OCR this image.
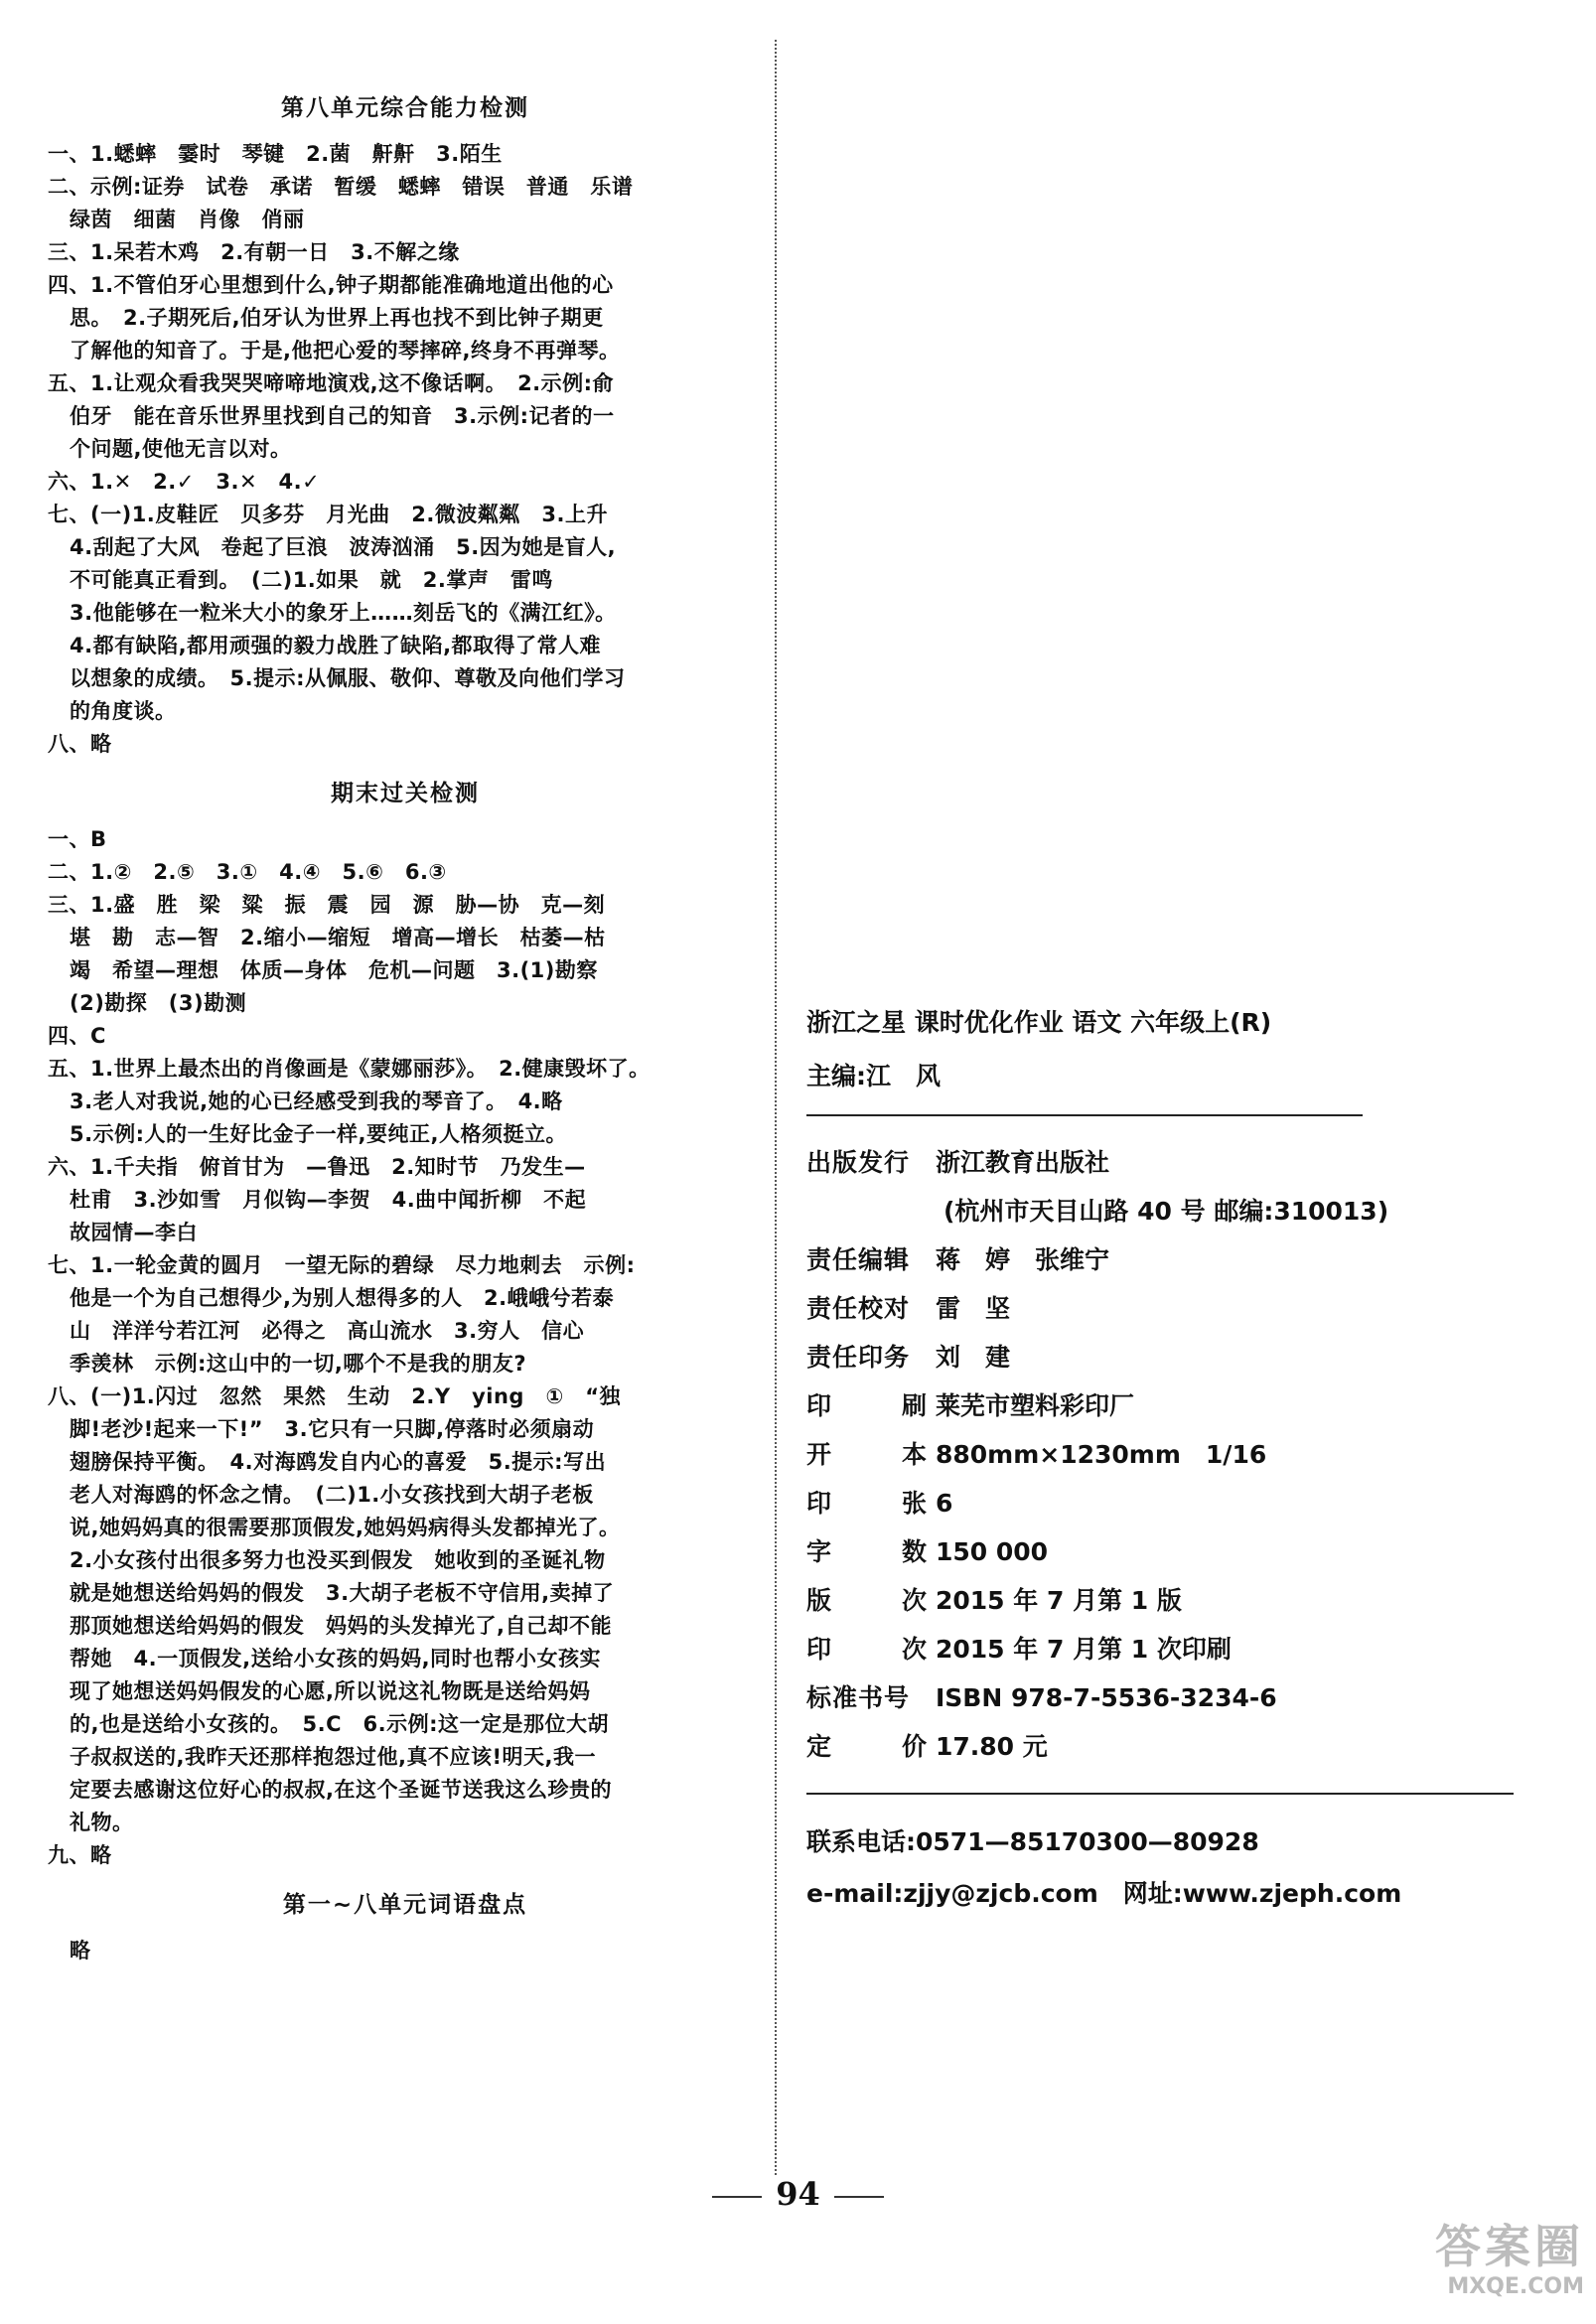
第八单元综合能力检测
一、1.蟋蟀　霎时　琴键　2.菌　鼾鼾　3.陌生
二、示例:证券　试卷　承诺　暂缓　蟋蟀　错误　普通　乐谱
绿茵　细菌　肖像　俏丽
三、1.呆若木鸡　2.有朝一日　3.不解之缘
四、1.不管伯牙心里想到什么,钟子期都能准确地道出他的心
思。　2.子期死后,伯牙认为世界上再也找不到比钟子期更
了解他的知音了。于是,他把心爱的琴摔碎,终身不再弹琴。
五、1.让观众看我哭哭啼啼地演戏,这不像话啊。　2.示例:俞
伯牙　能在音乐世界里找到自己的知音　3.示例:记者的一
个问题,使他无言以对。
六、1.✕　2.✓　3.✕　4.✓
七、(一)1.皮鞋匠　贝多芬　月光曲　2.微波粼粼　3.上升
4.刮起了大风　卷起了巨浪　波涛汹涌　5.因为她是盲人,
不可能真正看到。　(二)1.如果　就　2.掌声　雷鸣
3.他能够在一粒米大小的象牙上……刻岳飞的《满江红》。
4.都有缺陷,都用顽强的毅力战胜了缺陷,都取得了常人难
以想象的成绩。　5.提示:从佩服、敬仰、尊敬及向他们学习
的角度谈。
八、略
期末过关检测
一、B
二、1.②　2.⑤　3.①　4.④　5.⑥　6.③
三、1.盛　胜　梁　粱　振　震　园　源　胁—协　克—刻
堪　勘　志—智　2.缩小—缩短　增高—增长　枯萎—枯
竭　希望—理想　体质—身体　危机—问题　3.(1)勘察
(2)勘探　(3)勘测
四、C
五、1.世界上最杰出的肖像画是《蒙娜丽莎》。　2.健康毁坏了。
3.老人对我说,她的心已经感受到我的琴音了。　4.略
5.示例:人的一生好比金子一样,要纯正,人格须挺立。
六、1.千夫指　俯首甘为　—鲁迅　2.知时节　乃发生—
杜甫　3.沙如雪　月似钩—李贺　4.曲中闻折柳　不起
故园情—李白
七、1.一轮金黄的圆月　一望无际的碧绿　尽力地刺去　示例:
他是一个为自己想得少,为别人想得多的人　2.峨峨兮若泰
山　洋洋兮若江河　必得之　高山流水　3.穷人　信心
季羡林　示例:这山中的一切,哪个不是我的朋友?
八、(一)1.闪过　忽然　果然　生动　2.Y　ying　①　“独
脚!老沙!起来一下!”　3.它只有一只脚,停落时必须扇动
翅膀保持平衡。　4.对海鸥发自内心的喜爱　5.提示:写出
老人对海鸥的怀念之情。　(二)1.小女孩找到大胡子老板
说,她妈妈真的很需要那顶假发,她妈妈病得头发都掉光了。
2.小女孩付出很多努力也没买到假发　她收到的圣诞礼物
就是她想送给妈妈的假发　3.大胡子老板不守信用,卖掉了
那顶她想送给妈妈的假发　妈妈的头发掉光了,自己却不能
帮她　4.一顶假发,送给小女孩的妈妈,同时也帮小女孩实
现了她想送妈妈假发的心愿,所以说这礼物既是送给妈妈
的,也是送给小女孩的。　5.C　6.示例:这一定是那位大胡
子叔叔送的,我昨天还那样抱怨过他,真不应该!明天,我一
定要去感谢这位好心的叔叔,在这个圣诞节送我这么珍贵的
礼物。
九、略
第一~八单元词语盘点
略
浙江之星 课时优化作业 语文 六年级上(R)
主编:江　风
出版发行	浙江教育出版社
(杭州市天目山路 40 号 邮编:310013)
责任编辑	蒋　婷　张维宁
责任校对	雷　坚
责任印务	刘　建
印刷 莱芜市塑料彩印厂
开本 880mm×1230mm　1/16
印张 6
字数 150 000
版次 2015 年 7 月第 1 版
印次 2015 年 7 月第 1 次印刷
标准书号	ISBN 978-7-5536-3234-6
定价 17.80 元
联系电话:0571—85170300—80928
e-mail:zjjy@zjcb.com　网址:www.zjeph.com
94
答案圈
MXQE.COM
